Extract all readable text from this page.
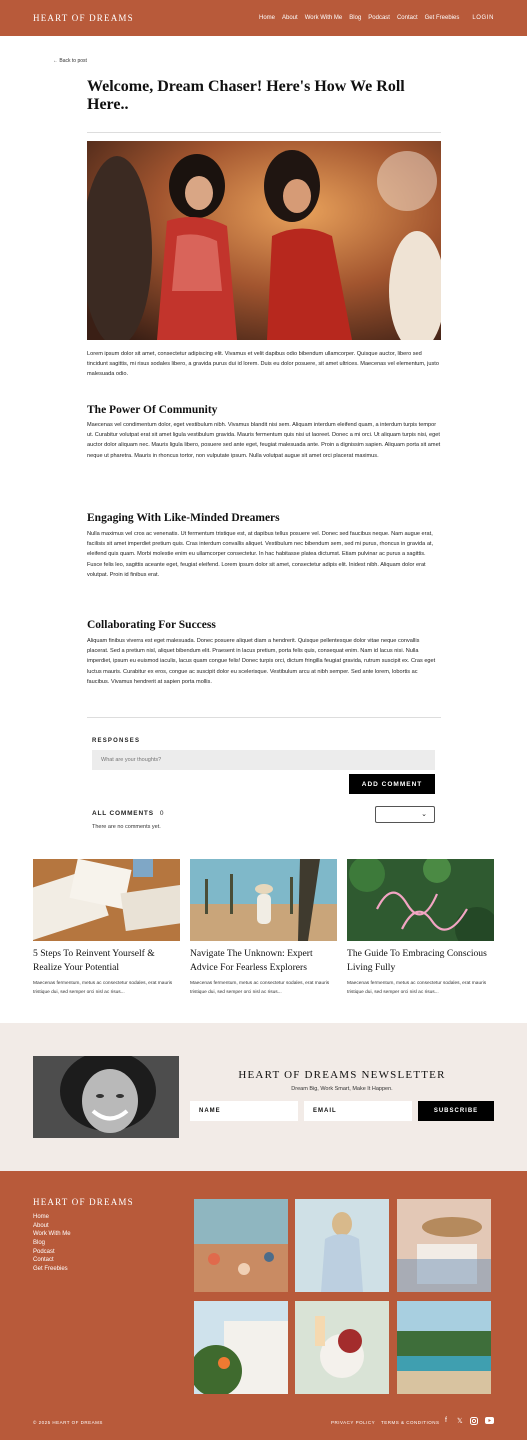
HEART OF DREAMS	Home About Work With Me Blog Podcast Contact Get Freebies LOGIN
← Back to post
Welcome, Dream Chaser! Here's How We Roll Here..

Lorem ipsum dolor sit amet, consectetur adipiscing elit. Vivamus et velit dapibus odio bibendum ullamcorper. Quisque auctor, libero sed tincidunt sagittis, mi risus sodales libero, a gravida purus dui id lorem. Duis eu dolor posuere, sit amet ultrices. Maecenas vel elementum, justo malesuada odio.

The Power Of Community

Maecenas vel condimentum dolor, eget vestibulum nibh. Vivamus blandit nisi sem. Aliquam interdum eleifend quam, a interdum turpis tempor ut. Curabitur volutpat erat sit amet ligula vestibulum gravida. Mauris fermentum quis nisi ut laoreet. Donec a mi orci. Ut aliquam turpis nisi, eget auctor dolor aliquam nec. Mauris ligula libero, posuere sed ante eget, feugiat malesuada ante. Proin a dignissim sapien. Aliquam porta sit amet neque ut pharetra. Mauris in rhoncus tortor, non vulputate ipsum. Nulla volutpat augue sit amet orci placerat maximus.

Engaging With Like-Minded Dreamers

Nulla maximus vel cros ac venenatis. Ut fermentum tristique est, at dapibus tellus posuere vel. Donec sed faucibus neque. Nam augue erat, facilisis sit amet imperdiet pretium quis. Cras interdum convallis aliquet. Vestibulum nec bibendum sem, sed mi purus, rhoncus in gravida at, eleifend quis quam. Morbi molestie enim eu ullamcorper consectetur. In hac habitasse platea dictumst. Etiam pulvinar ac purus a sagittis. Fusce felis leo, sagittis aceante eget, feugiat eleifend. Lorem ipsum dolor sit amet, consectetur adipis elit. Inidest nibh. Aliquam dolor erat volutpat. Proin id finibus erat.

Collaborating For Success

Aliquam finibus viverra est eget malesuada. Donec posuere aliquet diam a hendrerit. Quisque pellentesque dolor vitae neque convallis placerat. Sed a pretium nisl, aliquet bibendum elit. Praesent in lacus pretium, porta felis quis, consequat enim. Nam id lacus nisi. Nulla imperdiet, ipsum eu euismod iaculis, lacus quam congue felis! Donec turpis orci, dictum fringilla feugiat gravida, rutrum suscipit ex. Cras eget luctus mauris. Curabitur ex eros, congue ac suscipit dolor eu scelerisque. Vestibulum arcu at nibh semper. Sed ante lorem, lobortis ac faucibus. Vivamus hendrerit at sapien porta mollis.

RESPONSES
What are your thoughts?
ADD COMMENT
ALL COMMENTS 0
There are no comments yet.
⌄
5 Steps To Reinvent Yourself & Realize Your Potential
Maecenas fermentum, metus ac consectetur sodales, erat mauris tristique dui, sed semper orci nisl ac risus...
Navigate The Unknown: Expert Advice For Fearless Explorers
Maecenas fermentum, metus ac consectetur sodales, erat mauris tristique dui, sed semper orci nisl ac risus...
The Guide To Embracing Conscious Living Fully
Maecenas fermentum, metus ac consectetur sodales, erat mauris tristique dui, sed semper orci nisl ac risus...
HEART OF DREAMS NEWSLETTER
Dream Big, Work Smart, Make It Happen.
NAME	EMAIL	SUBSCRIBE
HEART OF DREAMS
Home
About
Work With Me
Blog
Podcast
Contact
Get Freebies
© 2025 HEART OF DREAMS	PRIVACY POLICY TERMS & CONDITIONS f 𝕏
